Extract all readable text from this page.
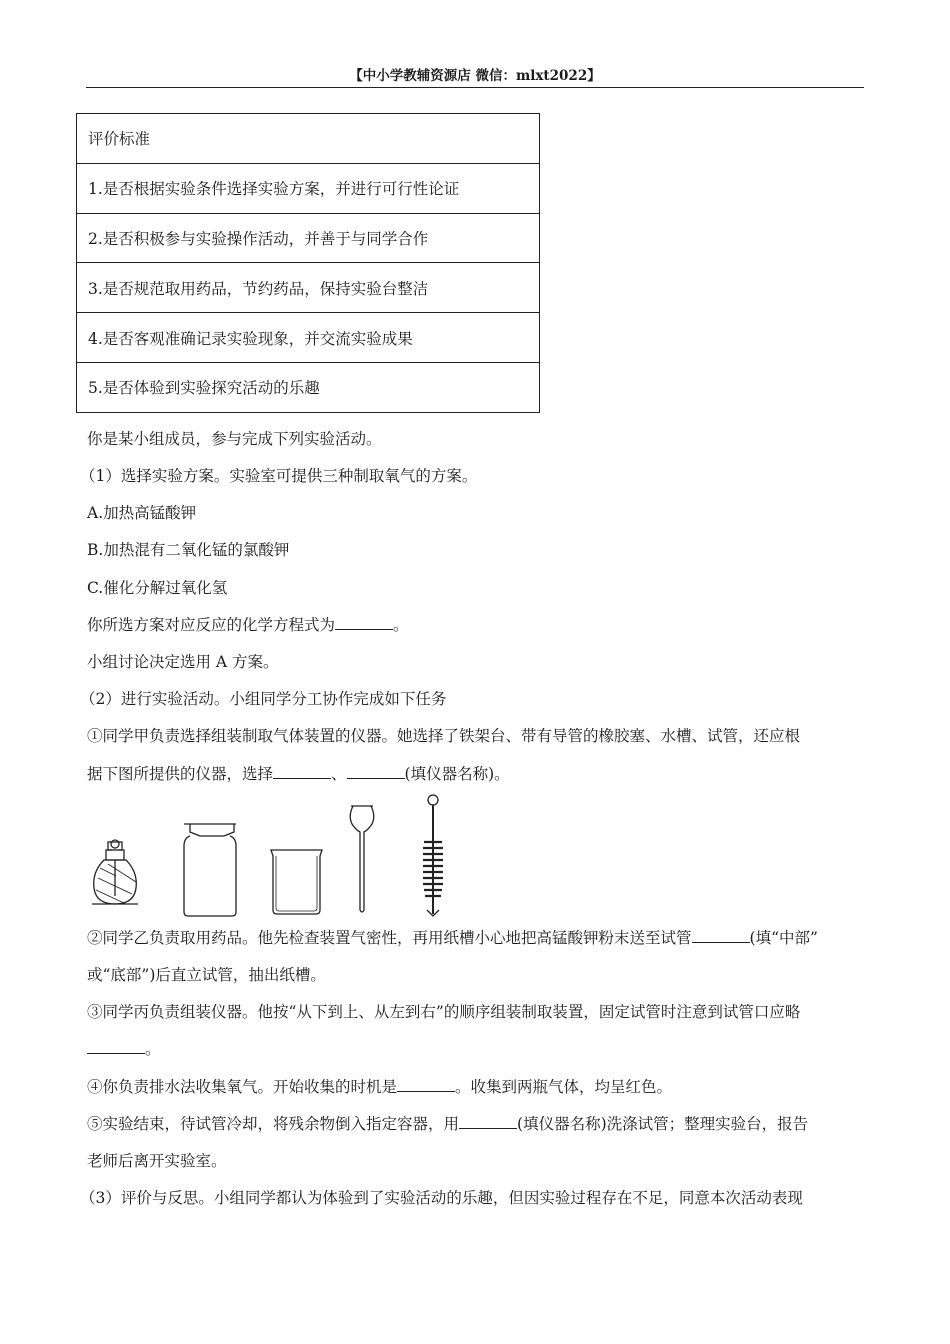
【中小学教辅资源店 微信：mlxt2022】
评价标准
1.是否根据实验条件选择实验方案，并进行可行性论证
2.是否积极参与实验操作活动，并善于与同学合作
3.是否规范取用药品，节约药品，保持实验台整洁
4.是否客观准确记录实验现象，并交流实验成果
5.是否体验到实验探究活动的乐趣
你是某小组成员，参与完成下列实验活动。
（1）选择实验方案。实验室可提供三种制取氧气的方案。
A.加热高锰酸钾
B.加热混有二氧化锰的氯酸钾
C.催化分解过氧化氢
你所选方案对应反应的化学方程式为	。
小组讨论决定选用 A 方案。
（2）进行实验活动。小组同学分工协作完成如下任务
①同学甲负责选择组装制取气体装置的仪器。她选择了铁架台、带有导管的橡胶塞、水槽、试管，还应根
据下图所提供的仪器，选择	、	(填仪器名称)。
②同学乙负责取用药品。他先检查装置气密性，再用纸槽小心地把高锰酸钾粉末送至试管	(填“中部”
或“底部”)后直立试管，抽出纸槽。
③同学丙负责组装仪器。他按“从下到上、从左到右”的顺序组装制取装置，固定试管时注意到试管口应略
。
④你负责排水法收集氧气。开始收集的时机是	。收集到两瓶气体，均呈红色。
⑤实验结束，待试管冷却，将残余物倒入指定容器，用	(填仪器名称)洗涤试管；整理实验台，报告
老师后离开实验室。
（3）评价与反思。小组同学都认为体验到了实验活动的乐趣，但因实验过程存在不足，同意本次活动表现
